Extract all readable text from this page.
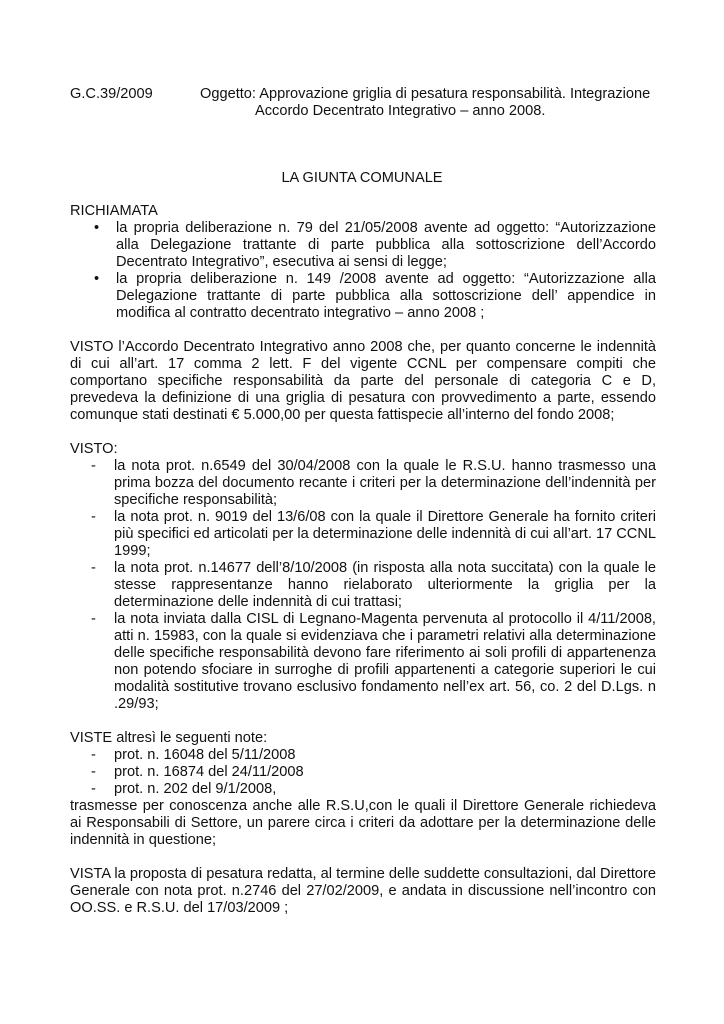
G.C.39/2009	Oggetto: Approvazione griglia di pesatura responsabilità. Integrazione
Accordo Decentrato Integrativo – anno 2008.
LA GIUNTA COMUNALE

RICHIAMATA

• la propria deliberazione n. 79 del 21/05/2008 avente ad oggetto: “Autorizzazione alla Delegazione trattante di parte pubblica alla sottoscrizione dell’Accordo Decentrato Integrativo”, esecutiva ai sensi di legge;
• la propria deliberazione n. 149 /2008 avente ad oggetto: “Autorizzazione alla Delegazione trattante di parte pubblica alla sottoscrizione dell’ appendice in modifica al contratto decentrato integrativo – anno 2008 ;

VISTO l’Accordo Decentrato Integrativo anno 2008 che, per quanto concerne le indennità di cui all’art. 17 comma 2 lett. F del vigente CCNL per compensare compiti che comportano specifiche responsabilità da parte del personale di categoria C e D, prevedeva la definizione di una griglia di pesatura con provvedimento a parte, essendo comunque stati destinati € 5.000,00 per questa fattispecie all’interno del fondo 2008;

VISTO:

- la nota prot. n.6549 del 30/04/2008 con la quale le R.S.U. hanno trasmesso una prima bozza del documento recante i criteri per la determinazione dell’indennità per specifiche responsabilità;
- la nota prot. n. 9019 del 13/6/08 con la quale il Direttore Generale ha fornito criteri più specifici ed articolati per la determinazione delle indennità di cui all’art. 17 CCNL 1999;
- la nota prot. n.14677 dell’8/10/2008 (in risposta alla nota succitata) con la quale le stesse rappresentanze hanno rielaborato ulteriormente la griglia per la determinazione delle indennità di cui trattasi;
- la nota inviata dalla CISL di Legnano-Magenta pervenuta al protocollo il 4/11/2008, atti n. 15983, con la quale si evidenziava che i parametri relativi alla determinazione delle specifiche responsabilità devono fare riferimento ai soli profili di appartenenza non potendo sfociare in surroghe di profili appartenenti a categorie superiori le cui modalità sostitutive trovano esclusivo fondamento nell’ex art. 56, co. 2 del D.Lgs. n .29/93;

VISTE altresì le seguenti note:

- prot. n. 16048 del 5/11/2008
- prot. n. 16874 del 24/11/2008
- prot. n. 202 del 9/1/2008,

trasmesse per conoscenza anche alle R.S.U,con le quali il Direttore Generale richiedeva ai Responsabili di Settore, un parere circa i criteri da adottare per la determinazione delle indennità in questione;

VISTA la proposta di pesatura redatta, al termine delle suddette consultazioni, dal Direttore Generale con nota prot. n.2746 del 27/02/2009, e andata in discussione nell’incontro con OO.SS. e R.S.U. del 17/03/2009 ;
